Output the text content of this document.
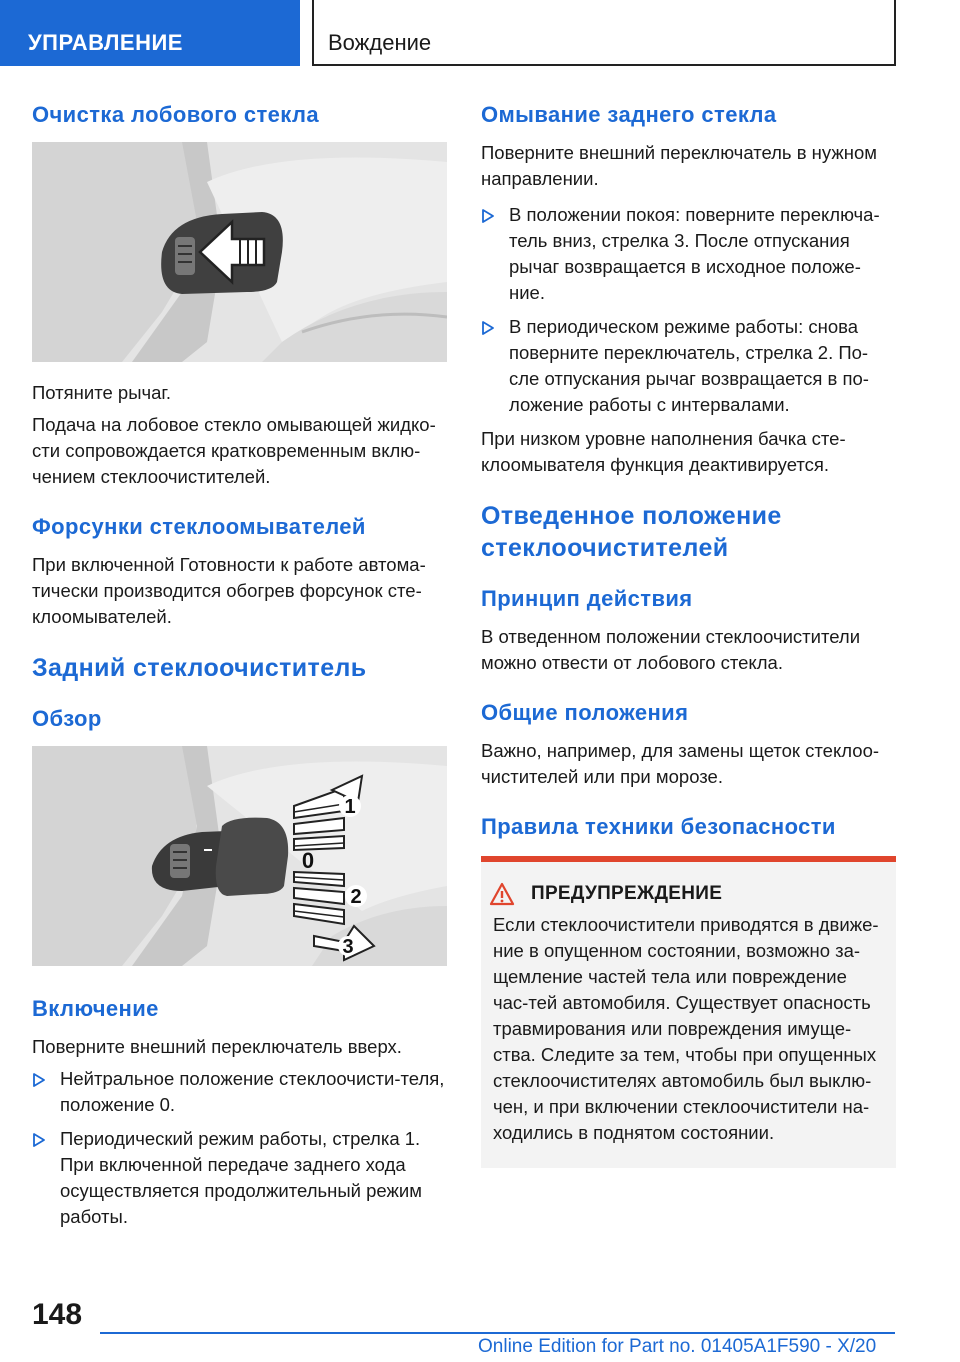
УПРАВЛЕНИЕ	Вождение
Очистка лобового стекла

Потяните рычаг.

Подача на лобовое стекло омывающей жидко-сти сопровождается кратковременным вклю-чением стеклоочистителей.

Форсунки стеклоомывателей

При включенной Готовности к работе автома-тически производится обогрев форсунок сте-клоомывателей.

Задний стеклоочиститель
Обзор
1
0
2
3
Включение

Поверните внешний переключатель вверх.

Нейтральное положение стеклоочисти-теля, положение 0.
Периодический режим работы, стрелка 1. При включенной передаче заднего хода осуществляется продолжительный режим работы.
Омывание заднего стекла

Поверните внешний переключатель в нужном направлении.

В положении покоя: поверните переключа-тель вниз, стрелка 3. После отпускания рычаг возвращается в исходное положе-ние.
В периодическом режиме работы: снова поверните переключатель, стрелка 2. По-сле отпускания рычаг возвращается в по-ложение работы с интервалами.

При низком уровне наполнения бачка сте-клоомывателя функция деактивируется.

Отведенное положение стеклоочистителей
Принцип действия

В отведенном положении стеклоочистители можно отвести от лобового стекла.

Общие положения

Важно, например, для замены щеток стеклоо-чистителей или при морозе.

Правила техники безопасности
ПРЕДУПРЕЖДЕНИЕ

Если стеклоочистители приводятся в движе-ние в опущенном состоянии, возможно за-щемление частей тела или повреждение час-тей автомобиля. Существует опасность травмирования или повреждения имуще-ства. Следите за тем, чтобы при опущенных стеклоочистителях автомобиль был выклю-чен, и при включении стеклоочистители на-ходились в поднятом состоянии.

148
Online Edition for Part no. 01405A1F590 - X/20
